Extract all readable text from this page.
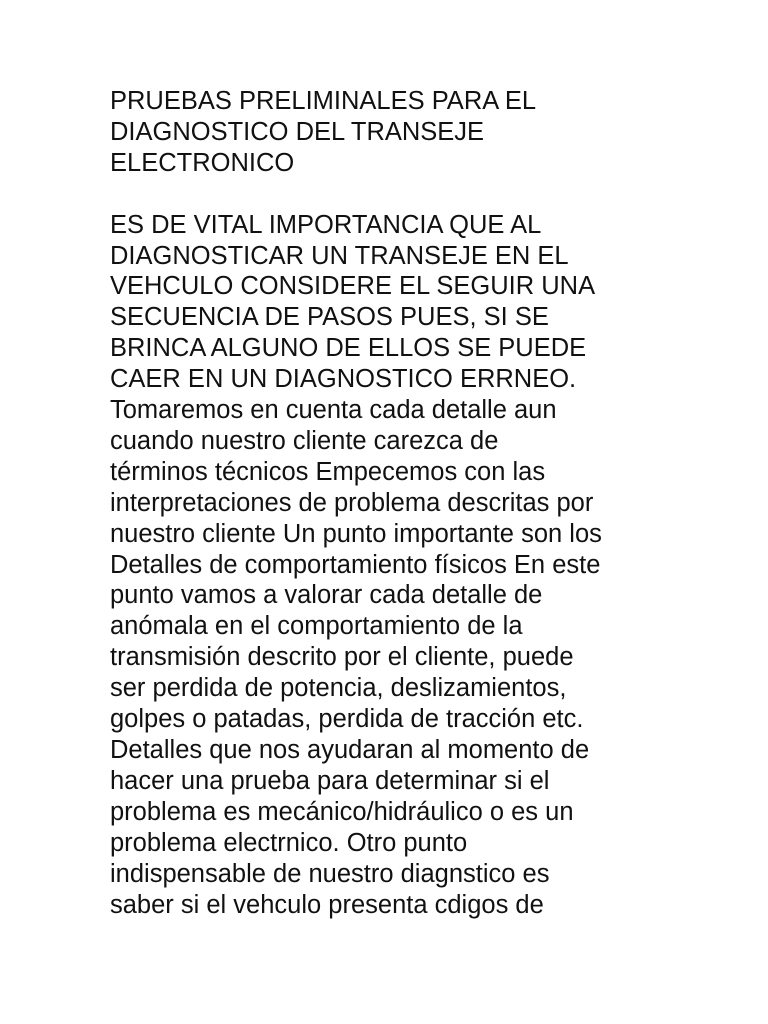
PRUEBAS PRELIMINALES PARA EL
DIAGNOSTICO DEL TRANSEJE
ELECTRONICO
ES DE VITAL IMPORTANCIA QUE AL
DIAGNOSTICAR UN TRANSEJE EN EL
VEHCULO CONSIDERE EL SEGUIR UNA
SECUENCIA DE PASOS PUES, SI SE
BRINCA ALGUNO DE ELLOS SE PUEDE
CAER EN UN DIAGNOSTICO ERRNEO.
Tomaremos en cuenta cada detalle aun
cuando nuestro cliente carezca de
términos técnicos Empecemos con las
interpretaciones de problema descritas por
nuestro cliente Un punto importante son los
Detalles de comportamiento físicos En este
punto vamos a valorar cada detalle de
anómala en el comportamiento de la
transmisión descrito por el cliente, puede
ser perdida de potencia, deslizamientos,
golpes o patadas, perdida de tracción etc.
Detalles que nos ayudaran al momento de
hacer una prueba para determinar si el
problema es mecánico/hidráulico o es un
problema electrnico. Otro punto
indispensable de nuestro diagnstico es
saber si el vehculo presenta cdigos de
